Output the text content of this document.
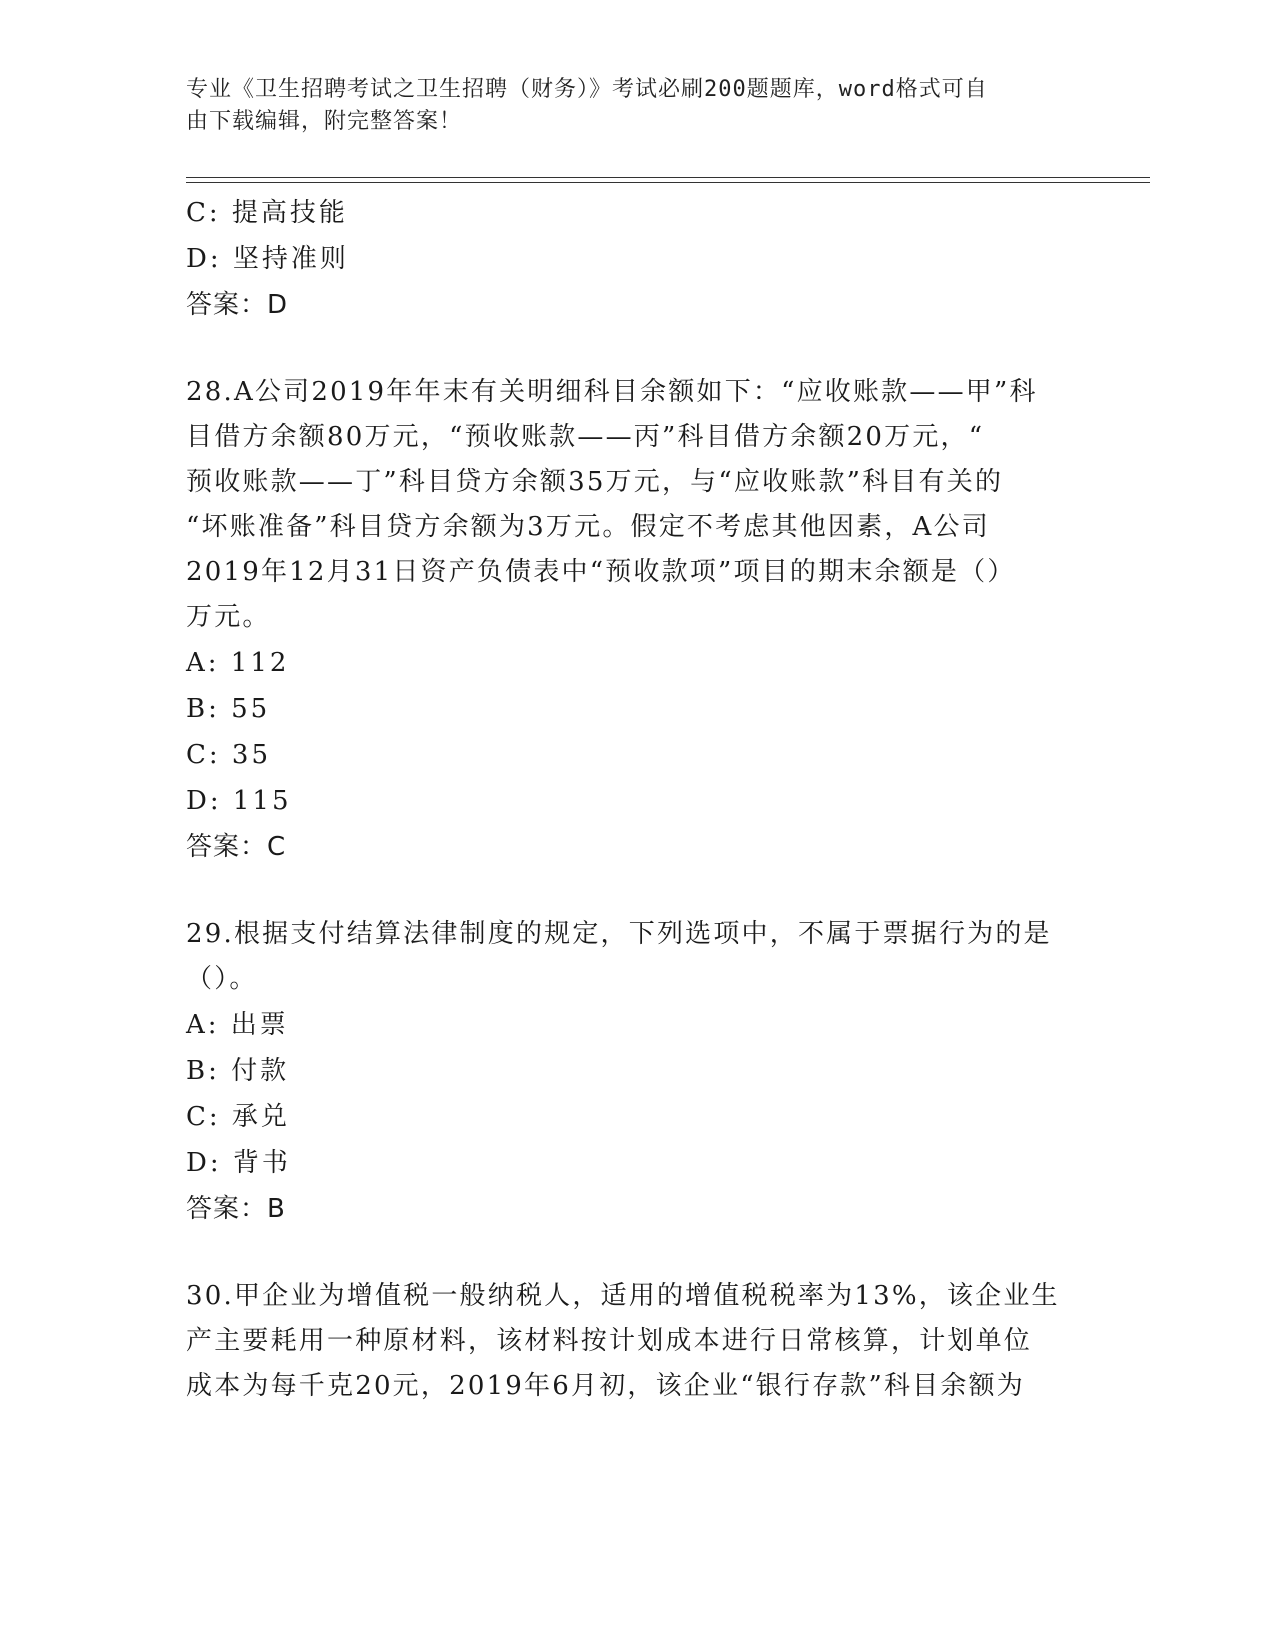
专业《卫生招聘考试之卫生招聘（财务）》考试必刷200题题库，word格式可自
由下载编辑，附完整答案！
C: 提高技能
D: 坚持准则
答案：D
28.A公司2019年年末有关明细科目余额如下：“应收账款——甲”科
目借方余额80万元，“预收账款——丙”科目借方余额20万元，“
预收账款——丁”科目贷方余额35万元，与“应收账款”科目有关的
“坏账准备”科目贷方余额为3万元。假定不考虑其他因素，A公司
2019年12月31日资产负债表中“预收款项”项目的期末余额是（）
万元。
A: 112
B: 55
C: 35
D: 115
答案：C
29.根据支付结算法律制度的规定，下列选项中，不属于票据行为的是
（）。
A: 出票
B: 付款
C: 承兑
D: 背书
答案：B
30.甲企业为增值税一般纳税人，适用的增值税税率为13%，该企业生
产主要耗用一种原材料，该材料按计划成本进行日常核算，计划单位
成本为每千克20元，2019年6月初，该企业“银行存款”科目余额为
